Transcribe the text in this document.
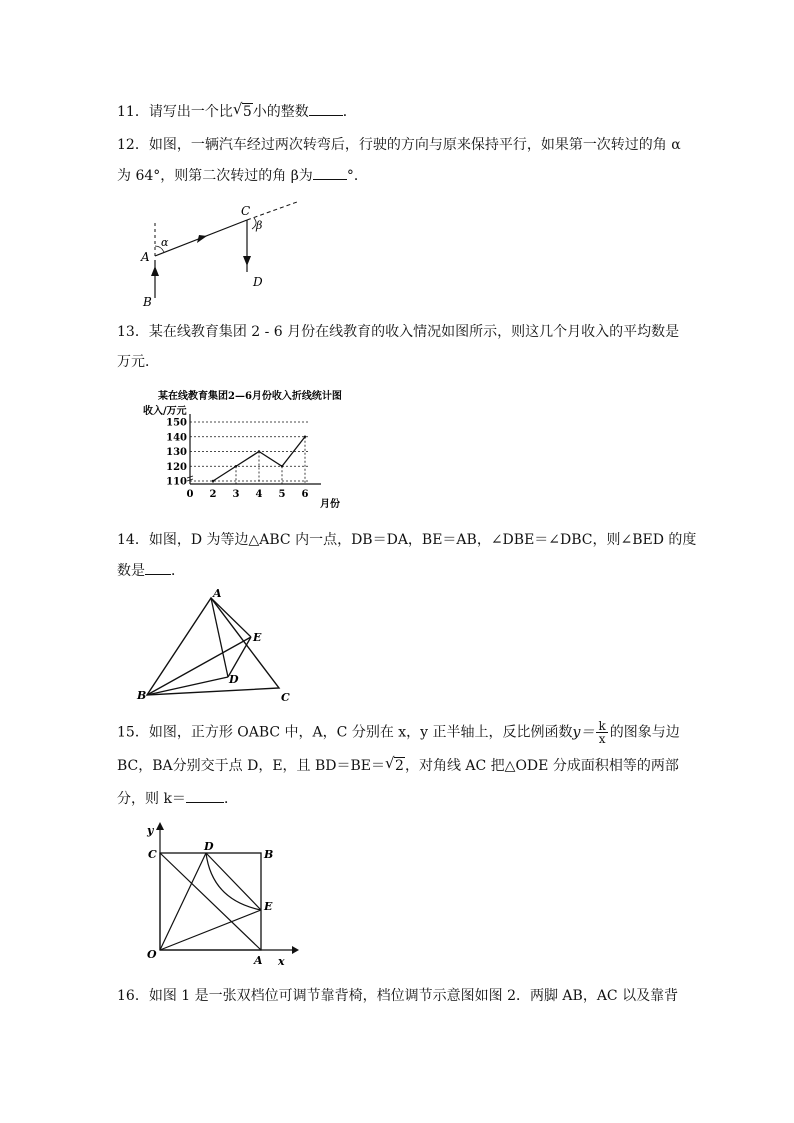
11．请写出一个比 √ 5小的整数 ．
12．如图，一辆汽车经过两次转弯后，行驶的方向与原来保持平行，如果第一次转过的角 α
为 64°，则第二次转过的角 β为 °．
A
B
C
D
α
β
13．某在线教育集团 2 - 6 月份在线教育的收入情况如图所示，则这几个月收入的平均数是
万元．
某在线教育集团2—6月份收入折线统计图
收入/万元
月份
110
120
130
140
150
0 2 3 4 5 6
14．如图，D 为等边△ABC 内一点，DB＝DA，BE＝AB，∠DBE＝∠DBC，则∠BED 的度
数是 ．
A
B	C
D
E
15．如图，正方形 OABC 中，A，C 分别在 x，y 正半轴上，反比例函数$y= \frac{k}{x}$ 的图象与边
BC，BA分别交于点 D，E，且 BD＝BE＝ √ 2，对角线 AC 把△ODE 分成面积相等的两部
分，则 k＝	．
y
x
O	A
C
D
B
E
16．如图 1 是一张双档位可调节靠背椅，档位调节示意图如图 2．两脚 AB，AC 以及靠背
